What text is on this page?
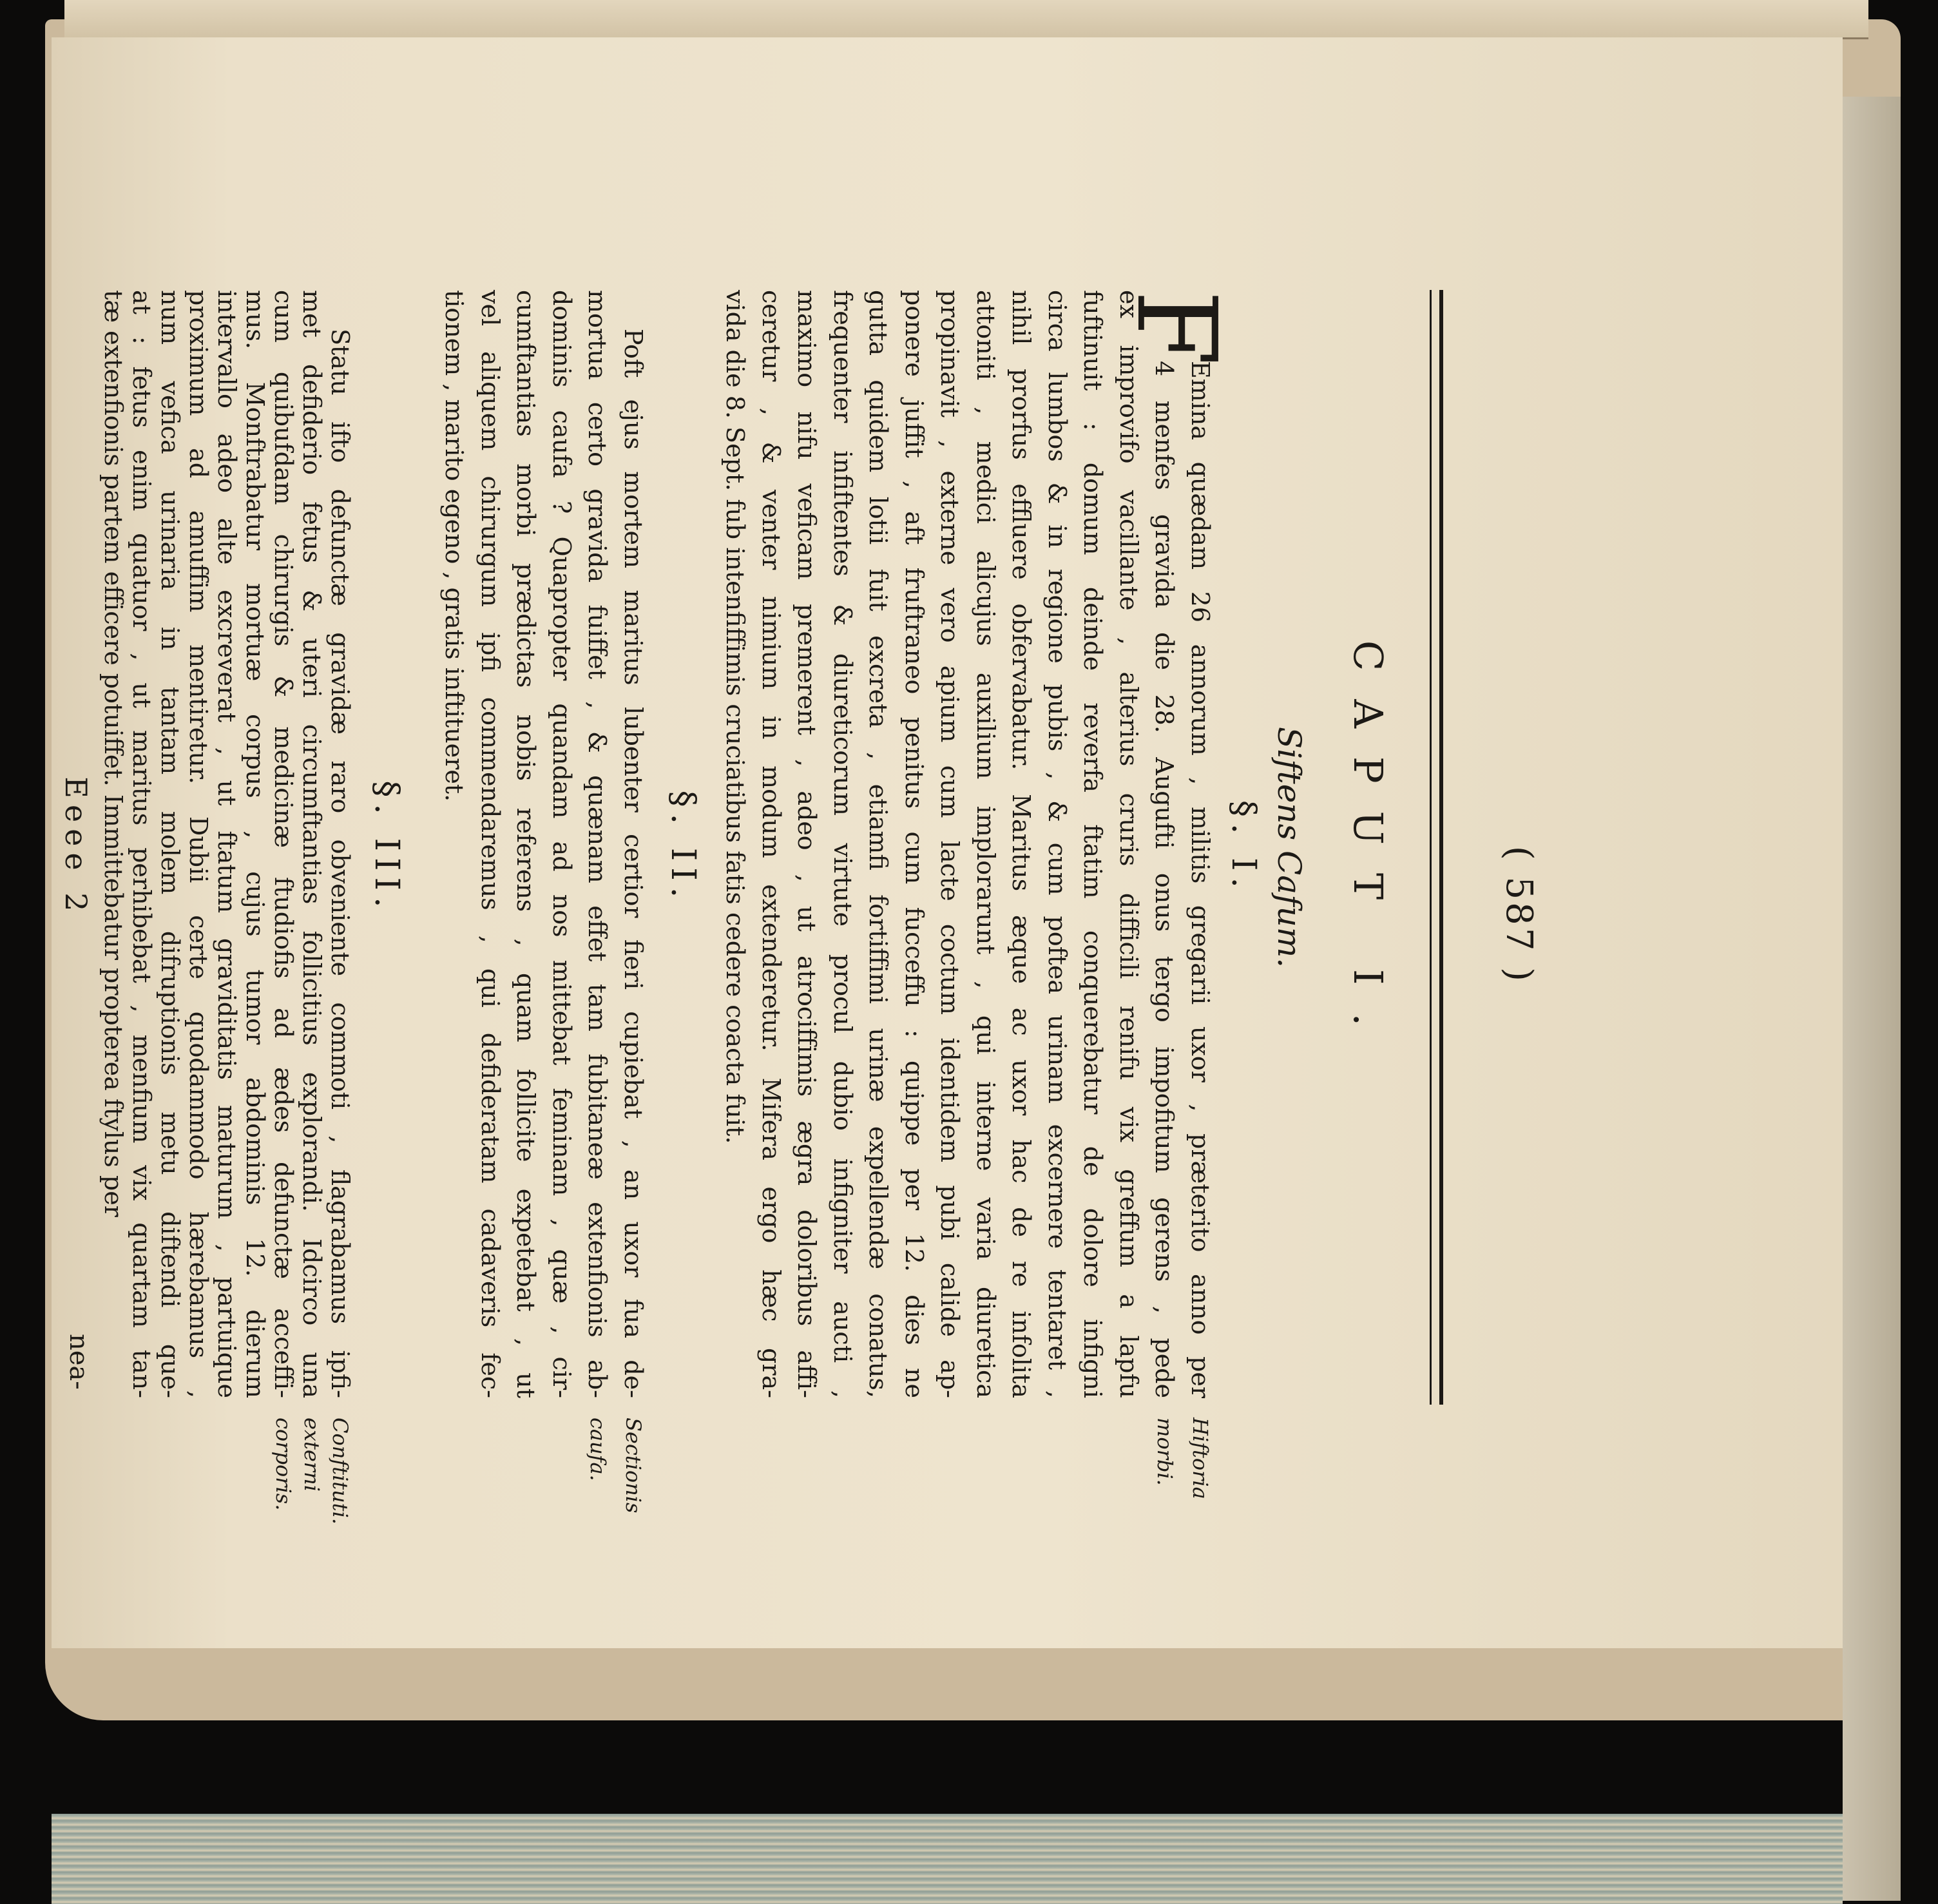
( 587 )
CAPUT I.
Siftens Cafum.
§. I.
F
Emina quædam 26 annorum , militis gregarii uxor , præterito anno per
4 menfes gravida die 28. Augufti onus tergo impofitum gerens , pede
ex improvifo vacillante , alterius cruris difficili renifu vix greffum a lapfu
fuftinuit : domum deinde reverfa ftatim conquerebatur de dolore infigni
circa lumbos & in regione pubis , & cum poftea urinam excernere tentaret ,
nihil prorfus effluere obfervabatur. Maritus æque ac uxor hac de re infolita
attoniti , medici alicujus auxilium implorarunt , qui interne varia diuretica
propinavit , externe vero apium cum lacte coctum identidem pubi calide ap-
ponere juffit , aft fruftraneo penitus cum fucceffu : quippe per 12. dies ne
gutta quidem lotii fuit excreta , etiamfi fortiffimi urinæ expellendæ conatus,
frequenter infiftentes & diureticorum virtute procul dubio infigniter aucti ,
maximo nifu veficam premerent , adeo , ut atrociffimis ægra doloribus affi-
ceretur , & venter nimium in modum extenderetur. Mifera ergo hæc gra-
vida die 8. Sept. fub intenfiffimis cruciatibus fatis cedere coacta fuit.
Hiftoria
morbi.
§. II.
Poft ejus mortem maritus lubenter certior fieri cupiebat , an uxor fua de-
mortua certo gravida fuiffet , & quænam effet tam fubitaneæ extenfionis ab-
dominis caufa ? Quapropter quandam ad nos mittebat feminam , quæ , cir-
cumftantias morbi prædictas nobis referens , quam follicite expetebat , ut
vel aliquem chirurgum ipfi commendaremus , qui defideratam cadaveris fec-
tionem , marito egeno , gratis inftitueret.
Sectionis
caufa.
§. III.
Statu ifto defunctæ gravidæ raro obveniente commoti , flagrabamus ipfi-
met defiderio fetus & uteri circumftantias follicitius explorandi. Idcirco una
cum quibufdam chirurgis & medicinæ ftudiofis ad ædes defunctæ acceffi-
mus. Monftrabatur mortuæ corpus , cujus tumor abdominis 12. dierum
intervallo adeo alte excreverat , ut ftatum graviditatis maturum , partuique
proximum ad amuffim mentiretur. Dubii certe quodammodo hærebamus ,
num vefica urinaria in tantam molem difruptionis metu diftendi que-
at : fetus enim quatuor , ut maritus perhibebat , menfium vix quartam tan-
tæ extenfionis partem efficere potuiffet. Immittebatur propterea ftylus per
Conftituti.
externi
corporis.
Eeee 2
nea-
